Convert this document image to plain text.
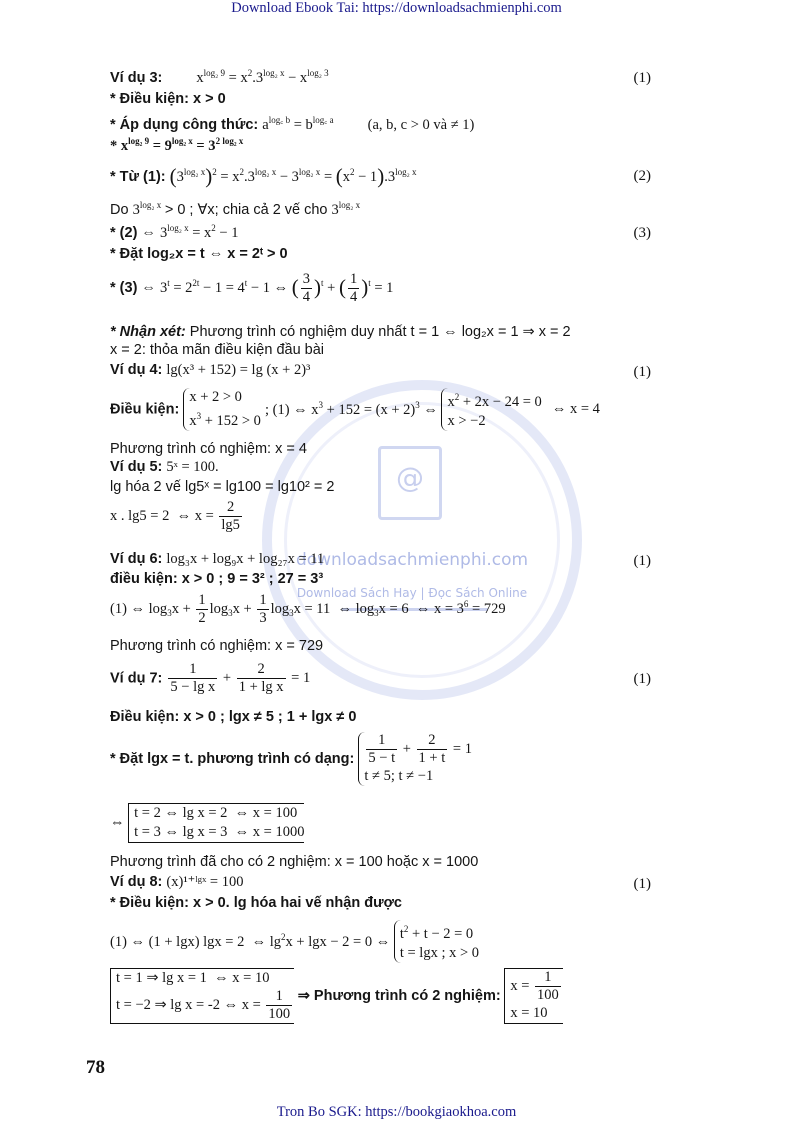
Download Ebook Tai: https://downloadsachmienphi.com
@
downloadsachmienphi.com
Download Sách Hay | Đọc Sách Online
Ví dụ 3: $x^{log_2 9} = x^2.3^{log_2 x} - x^{log_2 3}$	(1)
* Điều kiện: x > 0
* Áp dụng công thức: $a^{log꜀ b} = b^{log꜀ a}$ (a, b, c > 0 và ≠ 1)
* $x^{log_2 9} = 9^{log_2 x} = 3^{2 log_2 x}$
* Từ (1): $(3^{log_2 x})^2 = x^2.3^{log_2 x} - 3^{log_2 x} = (x^2 - 1).3^{log_2 x}$	(2)
Do $3^{log_2 x} > 0$ ; ∀x; chia cả 2 vế cho $3^{log_2 x}$
* (2) ⇔ $3^{log_2 x} = x^2 - 1$	(3)
* Đặt log₂x = t ⇔ x = 2ᵗ > 0
* (3) ⇔ $3^t = 2^{2t} - 1 = 4^t - 1$ ⇔ ( $\frac{3}{4} )^t$ + ( $\frac{1}{4} )^t = 1$
* Nhận xét: Phương trình có nghiệm duy nhất t = 1 ⇔ log₂x = 1 ⇒ x = 2
x = 2: thỏa mãn điều kiện đầu bài
Ví dụ 4: lg(x³ + 152) = lg (x + 2)³	(1)
Điều kiện: x + 2 > 0
$x^3 + 152 > 0$ ; (1) ⇔ $x^3 + 152 = (x + 2)^3$ ⇔ $x^2 + 2x - 24 = 0$
x > −2 ⇔ x = 4
Phương trình có nghiệm: x = 4
Ví dụ 5: 5ˣ = 100.
lg hóa 2 vế lg5ˣ = lg100 = lg10² = 2
x . lg5 = 2  ⇔ $x = \frac{2}{\lg 5}$
Ví dụ 6: log₃x + log₉x + log₂₇x = 11	(1)
điều kiện: x > 0 ; 9 = 3² ; 27 = 3³
(1) ⇔ $\log_3x + \frac{1}{2} \log_3x + \frac{1}{3} \log_3x = 11$  ⇔ $\log_3x = 6$  ⇔ $x = 3^6 = 729$
Phương trình có nghiệm: x = 729
Ví dụ 7: $\frac{1}{\text{5 − lg x}} + \frac{2}{\text{1 + lg x}} = 1$	(1)
Điều kiện: x > 0 ; lgx ≠ 5 ; 1 + lgx ≠ 0
* Đặt lgx = t. phương trình có dạng: $\frac{1}{5 - t} + \frac{2}{1 + t} = 1$
t ≠ 5; t ≠ −1
⇔ t = 2 ⇔ lg x = 2  ⇔ x = 100
t = 3 ⇔ lg x = 3  ⇔ x = 1000
Phương trình đã cho có 2 nghiệm: x = 100 hoặc x = 1000
Ví dụ 8: (x)¹⁺ˡᵍˣ = 100	(1)
* Điều kiện: x > 0. lg hóa hai vế nhận được
(1) ⇔ (1 + lgx) lgx = 2  ⇔ $\lg^2x + \lg x - 2 = 0$ ⇔ $t^2 + t - 2 = 0$
t = lgx ; x > 0
t = 1 ⇒ lg x = 1  ⇔ x = 10
t = −2 ⇒ lg x = -2 ⇔ $x = \frac{1}{100}$ ⇒ Phương trình có 2 nghiệm: $x = \frac{1}{100}$

x = 10
78
Tron Bo SGK: https://bookgiaokhoa.com
